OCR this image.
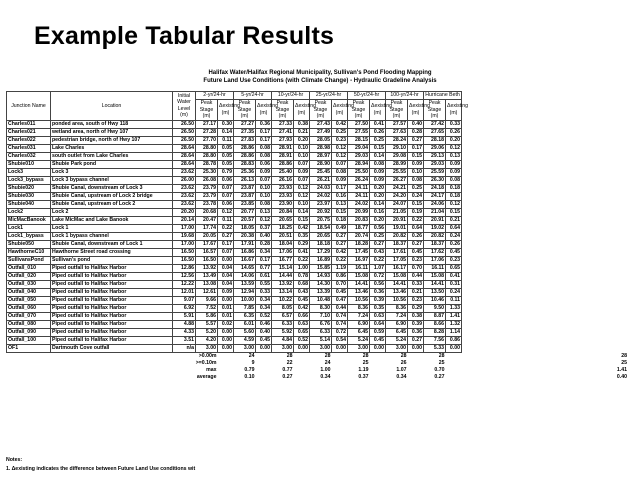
Example Tabular Results
Halifax Water/Halifax Regional Municipality, Sullivan's Pond Flooding Mapping
Future Land Use Conditions (with Climate Change) - Hydraulic Gradeline Analysis
Junction Name	Location	Initial Water Level (m)	2-yr/24-hr		5-yr/24-hr		10-yr/24-hr		25-yr/24-hr		50-yr/24-hr		100-yr/24-hr		Hurricane Beth	
			Peak Stage (m)	Δexisting (m)	Peak Stage (m)	Δexisting (m)	Peak Stage (m)	Δexisting (m)	Peak Stage (m)	Δexisting (m)	Peak Stage (m)	Δexisting (m)	Peak Stage (m)	Δexisting (m)	Peak Stage (m)	Δexisting (m)
Charles011	ponded area, south of Hwy 118	26.50	27.17	0.30	27.27	0.36	27.33	0.38	27.43	0.42	27.50	0.41	27.57	0.40	27.42	0.33
Charles021	wetland area, north of Hwy 107	26.50	27.28	0.14	27.35	0.17	27.41	0.21	27.49	0.25	27.55	0.26	27.63	0.28	27.65	0.26
Charles022	pedestrian bridge, north of Hwy 107	26.50	27.70	0.11	27.83	0.17	27.93	0.20	28.05	0.23	28.15	0.25	28.24	0.27	28.18	0.20
Charles031	Lake Charles	28.64	28.80	0.05	28.86	0.08	28.91	0.10	28.98	0.12	29.04	0.15	29.10	0.17	29.06	0.12
Charles032	south outlet from Lake Charles	28.64	28.80	0.05	28.86	0.08	28.91	0.10	28.97	0.12	29.03	0.14	29.08	0.15	29.13	0.13
Shubie010	Shubie Park pond	28.64	28.78	0.05	28.83	0.06	28.86	0.07	28.90	0.07	28.94	0.08	28.99	0.09	29.03	0.09
Lock3	Lock 3	23.62	25.30	0.79	25.36	0.09	25.40	0.09	25.45	0.08	25.50	0.09	25.55	0.10	25.59	0.09
Lock3_bypass	Lock 3 bypass channel	26.00	26.08	0.06	26.13	0.07	26.16	0.07	26.21	0.09	26.24	0.09	26.27	0.08	26.30	0.08
Shubie020	Shubie Canal, downstream of Lock 3	23.62	23.79	0.07	23.87	0.10	23.93	0.12	24.03	0.17	24.11	0.20	24.21	0.25	24.18	0.18
Shubie030	Shubie Canal, upstream of Lock 2 bridge	23.62	23.79	0.07	23.87	0.10	23.93	0.12	24.02	0.16	24.11	0.20	24.20	0.24	24.17	0.18
Shubie040	Shubie Canal, upstream of Lock 2	23.62	23.78	0.06	23.85	0.08	23.90	0.10	23.97	0.13	24.02	0.14	24.07	0.15	24.06	0.12
Lock2	Lock 2	20.20	20.68	0.12	20.77	0.13	20.84	0.14	20.92	0.15	20.99	0.16	21.05	0.19	21.04	0.15
MicMacBanook	Lake MicMac and Lake Banook	20.14	20.47	0.11	20.57	0.12	20.65	0.15	20.75	0.18	20.83	0.20	20.91	0.22	20.91	0.21
Lock1	Lock 1	17.00	17.74	0.22	18.05	0.37	18.25	0.42	18.54	0.49	18.77	0.56	19.01	0.64	19.02	0.64
Lock1_bypass	Lock 1 bypass channel	19.68	20.05	0.27	20.38	0.40	20.51	0.35	20.65	0.27	20.74	0.25	20.82	0.26	20.82	0.24
Shubie050	Shubie Canal, downstream of Lock 1	17.00	17.67	0.17	17.91	0.28	18.04	0.29	18.18	0.27	18.28	0.27	18.37	0.27	18.37	0.26
HawthorneC10	Hawthorne Street road crossing	16.50	16.57	0.07	16.86	0.34	17.06	0.41	17.29	0.42	17.45	0.43	17.61	0.45	17.62	0.45
SullivansPond	Sullivan's pond	16.50	16.50	0.00	16.67	0.17	16.77	0.22	16.89	0.22	16.97	0.22	17.05	0.23	17.06	0.23
Outfall_010	Piped outfall to Halifax Harbor	12.86	13.92	0.04	14.65	0.77	15.14	1.00	15.85	1.19	16.11	1.07	16.17	0.70	16.11	0.65
Outfall_020	Piped outfall to Halifax Harbor	12.56	13.49	0.04	14.06	0.61	14.44	0.78	14.93	0.86	15.08	0.72	15.08	0.44	15.08	0.41
Outfall_030	Piped outfall to Halifax Harbor	12.22	13.08	0.04	13.59	0.55	13.92	0.68	14.30	0.70	14.41	0.56	14.41	0.33	14.41	0.31
Outfall_040	Piped outfall to Halifax Harbor	12.01	12.61	0.09	12.94	0.33	13.14	0.43	13.39	0.45	13.46	0.36	13.46	0.21	13.50	0.24
Outfall_050	Piped outfall to Halifax Harbor	9.07	9.66	0.00	10.00	0.34	10.22	0.45	10.48	0.47	10.56	0.39	10.56	0.23	10.46	0.11
Outfall_060	Piped outfall to Halifax Harbor	6.92	7.52	0.01	7.85	0.34	8.05	0.42	8.30	0.44	8.36	0.35	8.36	0.29	9.50	1.33
Outfall_070	Piped outfall to Halifax Harbor	5.91	5.86	0.01	6.35	0.52	6.57	0.66	7.10	0.74	7.24	0.63	7.24	0.38	8.87	1.41
Outfall_080	Piped outfall to Halifax Harbor	4.88	5.57	0.02	6.01	0.46	6.33	0.63	6.76	0.74	6.90	0.64	6.90	0.39	8.66	1.32
Outfall_090	Piped outfall to Halifax Harbor	4.33	5.20	0.00	5.60	0.40	5.92	0.65	6.33	0.72	6.45	0.59	6.45	0.36	8.28	1.14
Outfall_100	Piped outfall to Halifax Harbor	3.51	4.20	0.00	4.59	0.45	4.84	0.52	5.14	0.54	5.24	0.45	5.24	0.27	7.56	0.86
OF1	Dartmouth Cove outfall	n/a	3.00	0.00	3.00	0.00	3.00	0.00	3.00	0.00	3.00	0.00	3.00	0.00	5.33	0.00
		>0.00m		24		28		28		28		28		28		28
		>=0.10m		9		22		24		25		26		25		25
		max		0.79		0.77		1.00		1.19		1.07		0.70		1.41
		average		0.10		0.27		0.34		0.37		0.34		0.27		0.40
Notes:
1. Δexisting indicates the difference between Future Land Use conditions wit
